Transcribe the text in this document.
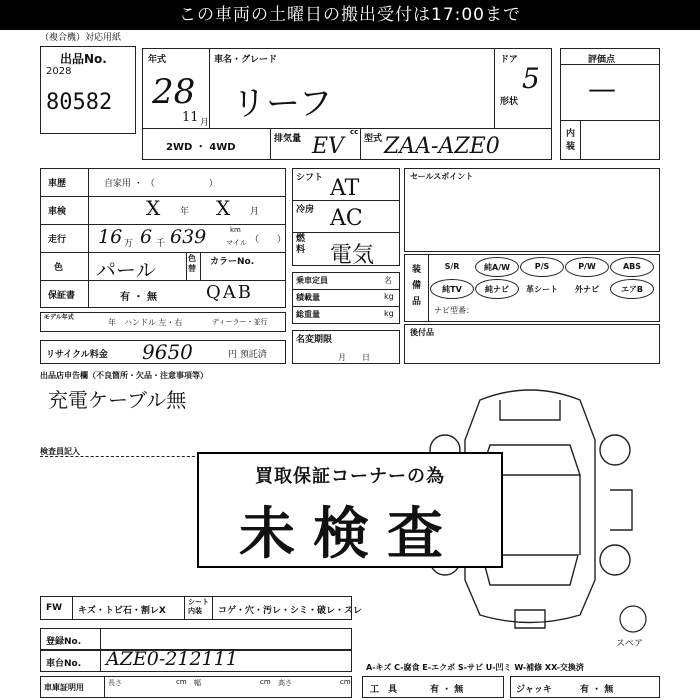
この車両の土曜日の搬出受付は17:00まで
（複合機）対応用紙
出品No.
2028
80582
年式
28
11 月
車名・グレード
リーフ
ドア
5
形状
2WD ・ 4WD
排気量
cc
EV 型式 ZAA-AZE0
評価点
—
内装
車歴	自家用 ・ （　　　　　　）
車検	X 年 X 月
走行 16 万 6 千 639	km
マイル （　　）
色 パール	色替
カラーNo.
保証書	有 ・ 無	QAB
モデル年式
年 ハンドル 左・右	ディーラー・並行
リサイクル料金 9650	円 預託済
シフト AT
冷房 AC
燃料 電気
乗車定員	名
積載量	kg
総重量	kg
名変期限
月　　日
セールスポイント
装備品
ナビ型番：
S/R	純A/W	P/S	P/W	ABS
純TV	純ナビ	革シート	外ナビ	エアB
後付品
出品店申告欄（不良箇所・欠品・注意事項等）
充電ケーブル無
検査員記入
スペア
買取保証コーナーの為
未検査
FW キズ・トビ石・割レX
シート内装	コゲ・穴・汚レ・シミ・破レ・スレ
登録No.
車台No. AZE0-212111
車庫証明用	長さ	cm 幅	cm 高さ	cm
A-キズ C-腐食 E-エクボ S-サビ U-凹ミ W-補修 XX-交換済
工　具	有 ・ 無	ジャッキ	有 ・ 無
